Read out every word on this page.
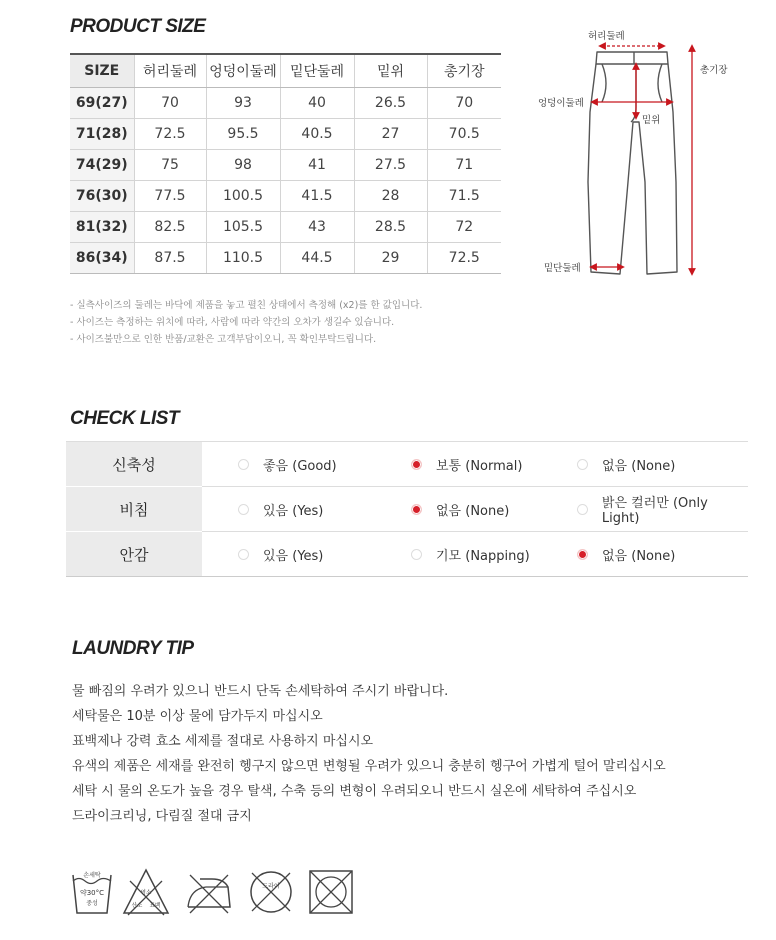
PRODUCT SIZE
SIZE	허리둘레	엉덩이둘레	밑단둘레	밑위	총기장
69(27)	70	93	40	26.5	70
71(28)	72.5	95.5	40.5	27	70.5
74(29)	75	98	41	27.5	71
76(30)	77.5	100.5	41.5	28	71.5
81(32)	82.5	105.5	43	28.5	72
86(34)	87.5	110.5	44.5	29	72.5
- 실측사이즈의 둘레는 바닥에 제품을 놓고 펼친 상태에서 측정해 (x2)를 한 값입니다.
- 사이즈는 측정하는 위치에 따라, 사람에 따라 약간의 오차가 생길수 있습니다.
- 사이즈불만으로 인한 반품/교환은 고객부담이오니, 꼭 확인부탁드립니다.
허리둘레
총기장
엉덩이둘레
밑위
밑단둘레
CHECK LIST
신축성	좋음 (Good)	보통 (Normal)	없음 (None)

비침	있음 (Yes)	없음 (None)	밝은 컬러만 (Only Light)

안감	있음 (Yes)	기모 (Napping)	없음 (None)
LAUNDRY TIP
물 빠짐의 우려가 있으니 반드시 단독 손세탁하여 주시기 바랍니다.
세탁물은 10분 이상 물에 담가두지 마십시오
표백제나 강력 효소 세제를 절대로 사용하지 마십시오
유색의 제품은 세재를 완전히 헹구지 않으면 변형될 우려가 있으니 충분히 헹구어 가볍게 털어 말리십시오
세탁 시 물의 온도가 높을 경우 탈색, 수축 등의 변형이 우려되오니 반드시 실온에 세탁하여 주십시오
드라이크리닝, 다림질 절대 금지
손세탁
약30°C
중성
염소
산소 표백
드라이
